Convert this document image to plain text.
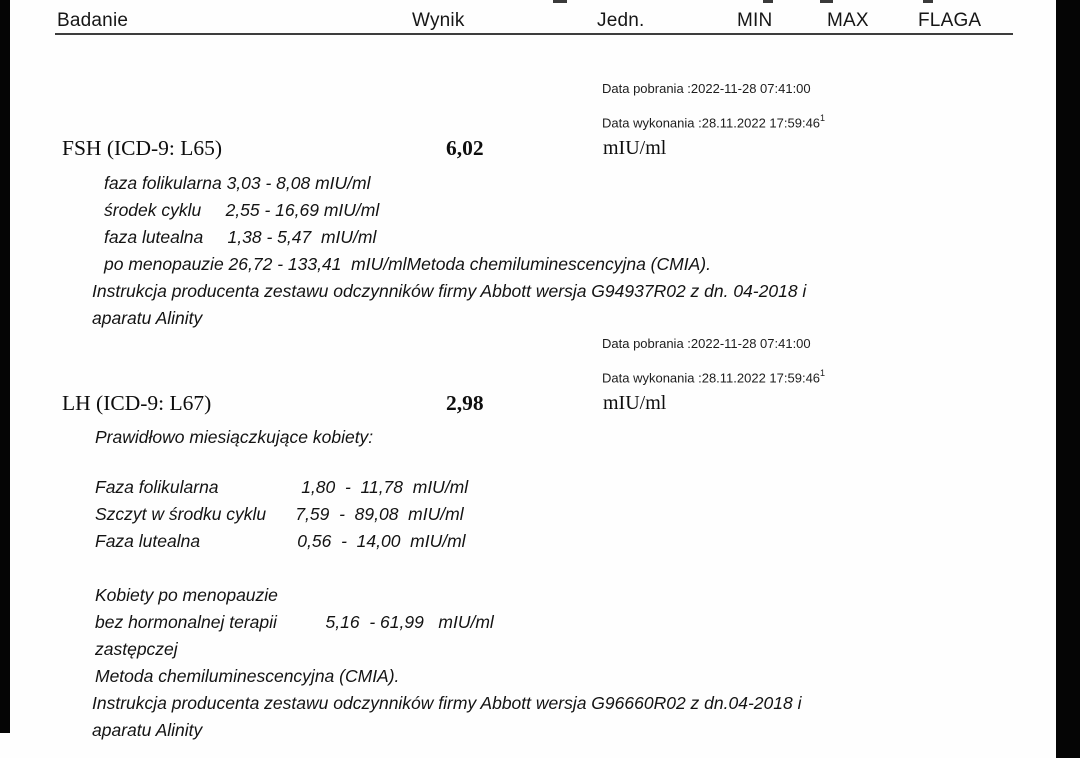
Badanie	Wynik	Jedn.	MIN	MAX	FLAGA
Data pobrania :2022-11-28 07:41:00
Data wykonania :28.11.2022 $17:59:46^1$
FSH (ICD-9: L65)	6,02	mIU/ml
faza folikularna 3,03 - 8,08 mIU/ml
środek cyklu     2,55 - 16,69 mIU/ml
faza lutealna     1,38 - 5,47  mIU/ml
po menopauzie 26,72 - 133,41  mIU/mlMetoda chemiluminescencyjna (CMIA).
Instrukcja producenta zestawu odczynników firmy Abbott wersja G94937R02 z dn. 04-2018 i
aparatu Alinity
Data pobrania :2022-11-28 07:41:00
Data wykonania :28.11.2022 $17:59:46^1$
LH (ICD-9: L67)	2,98	mIU/ml
Prawidłowo miesiączkujące kobiety:
Faza folikularna                 1,80  -  11,78  mIU/ml
Szczyt w środku cyklu      7,59  -  89,08  mIU/ml
Faza lutealna                    0,56  -  14,00  mIU/ml
Kobiety po menopauzie
bez hormonalnej terapii          5,16  - 61,99   mIU/ml
zastępczej
Metoda chemiluminescencyjna (CMIA).
Instrukcja producenta zestawu odczynników firmy Abbott wersja G96660R02 z dn.04-2018 i
aparatu Alinity
